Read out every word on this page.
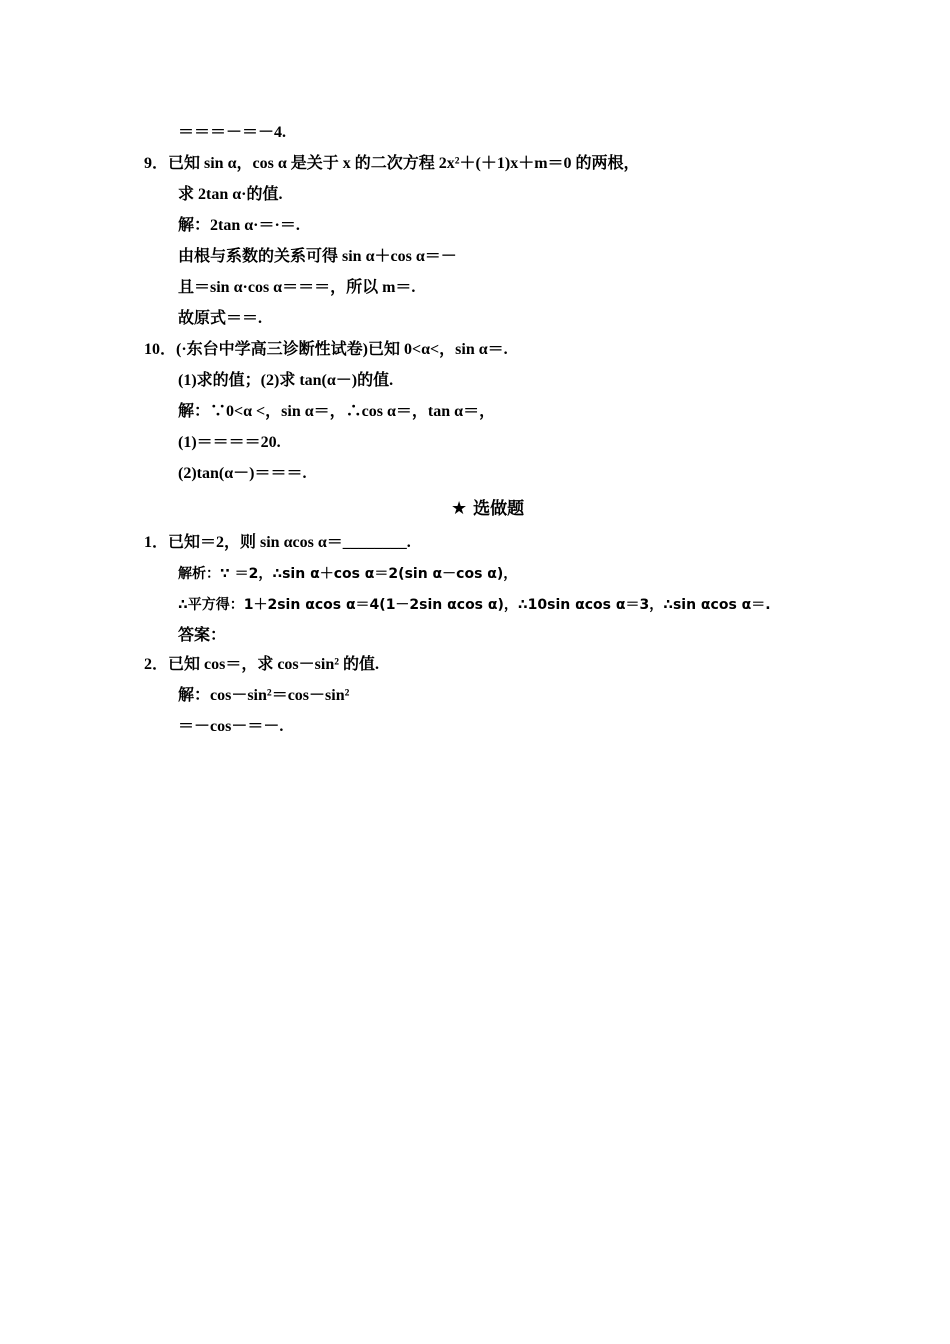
＝＝＝－＝－4.
9．已知 sin α，cos α 是关于 x 的二次方程 2x²＋(＋1)x＋m＝0 的两根，
求 2tan α·的值.
解：2tan α·＝·＝.
由根与系数的关系可得 sin α＋cos α＝－
且＝sin α·cos α＝＝＝，所以 m＝.
故原式＝＝.
10．(·东台中学高三诊断性试卷)已知 0<α<，sin α＝.
(1)求的值；(2)求 tan(α－)的值.
解：∵0<α <，sin α＝，∴cos α＝，tan α＝，
(1)＝＝＝＝20.
(2)tan(α－)＝＝＝.
★ 选做题
1．已知＝2，则 sin αcos α＝________.
解析：∵ ＝2，∴sin α＋cos α＝2(sin α－cos α)，
∴平方得：1＋2sin αcos α＝4(1－2sin αcos α)，∴10sin αcos α＝3，∴sin αcos α＝.
答案：
2．已知 cos＝，求 cos－sin² 的值.
解：cos－sin²＝cos－sin²
＝－cos－＝－.
